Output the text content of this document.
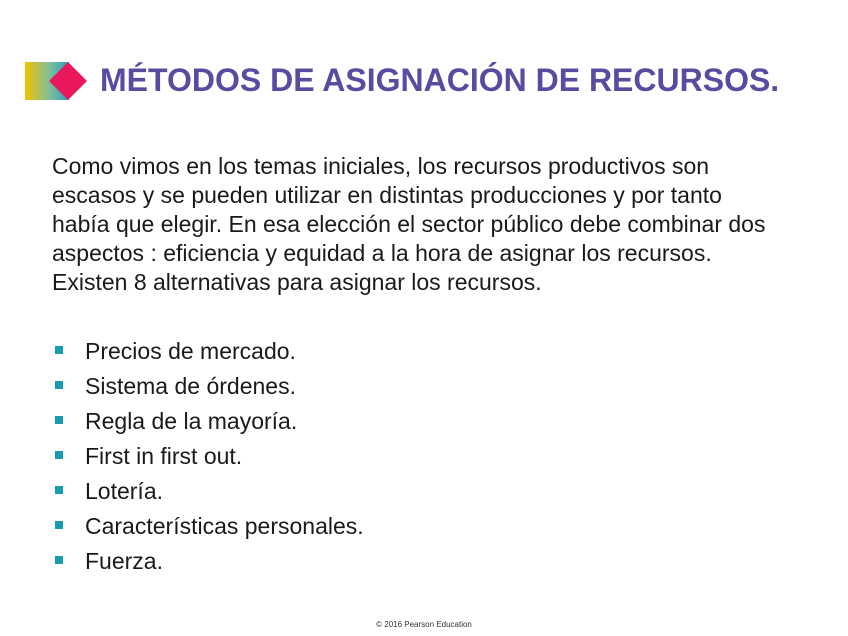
MÉTODOS DE ASIGNACIÓN DE RECURSOS.

Como vimos en los temas iniciales, los recursos productivos son
escasos y se pueden utilizar en distintas producciones y por tanto
había que elegir. En esa elección el sector público debe combinar dos
aspectos : eficiencia y equidad a la hora de asignar los recursos.
Existen 8 alternativas para asignar los recursos.

Precios de mercado.
Sistema de órdenes.
Regla de la mayoría.
First in first out.
Lotería.
Características personales.
Fuerza.
© 2016 Pearson Education
